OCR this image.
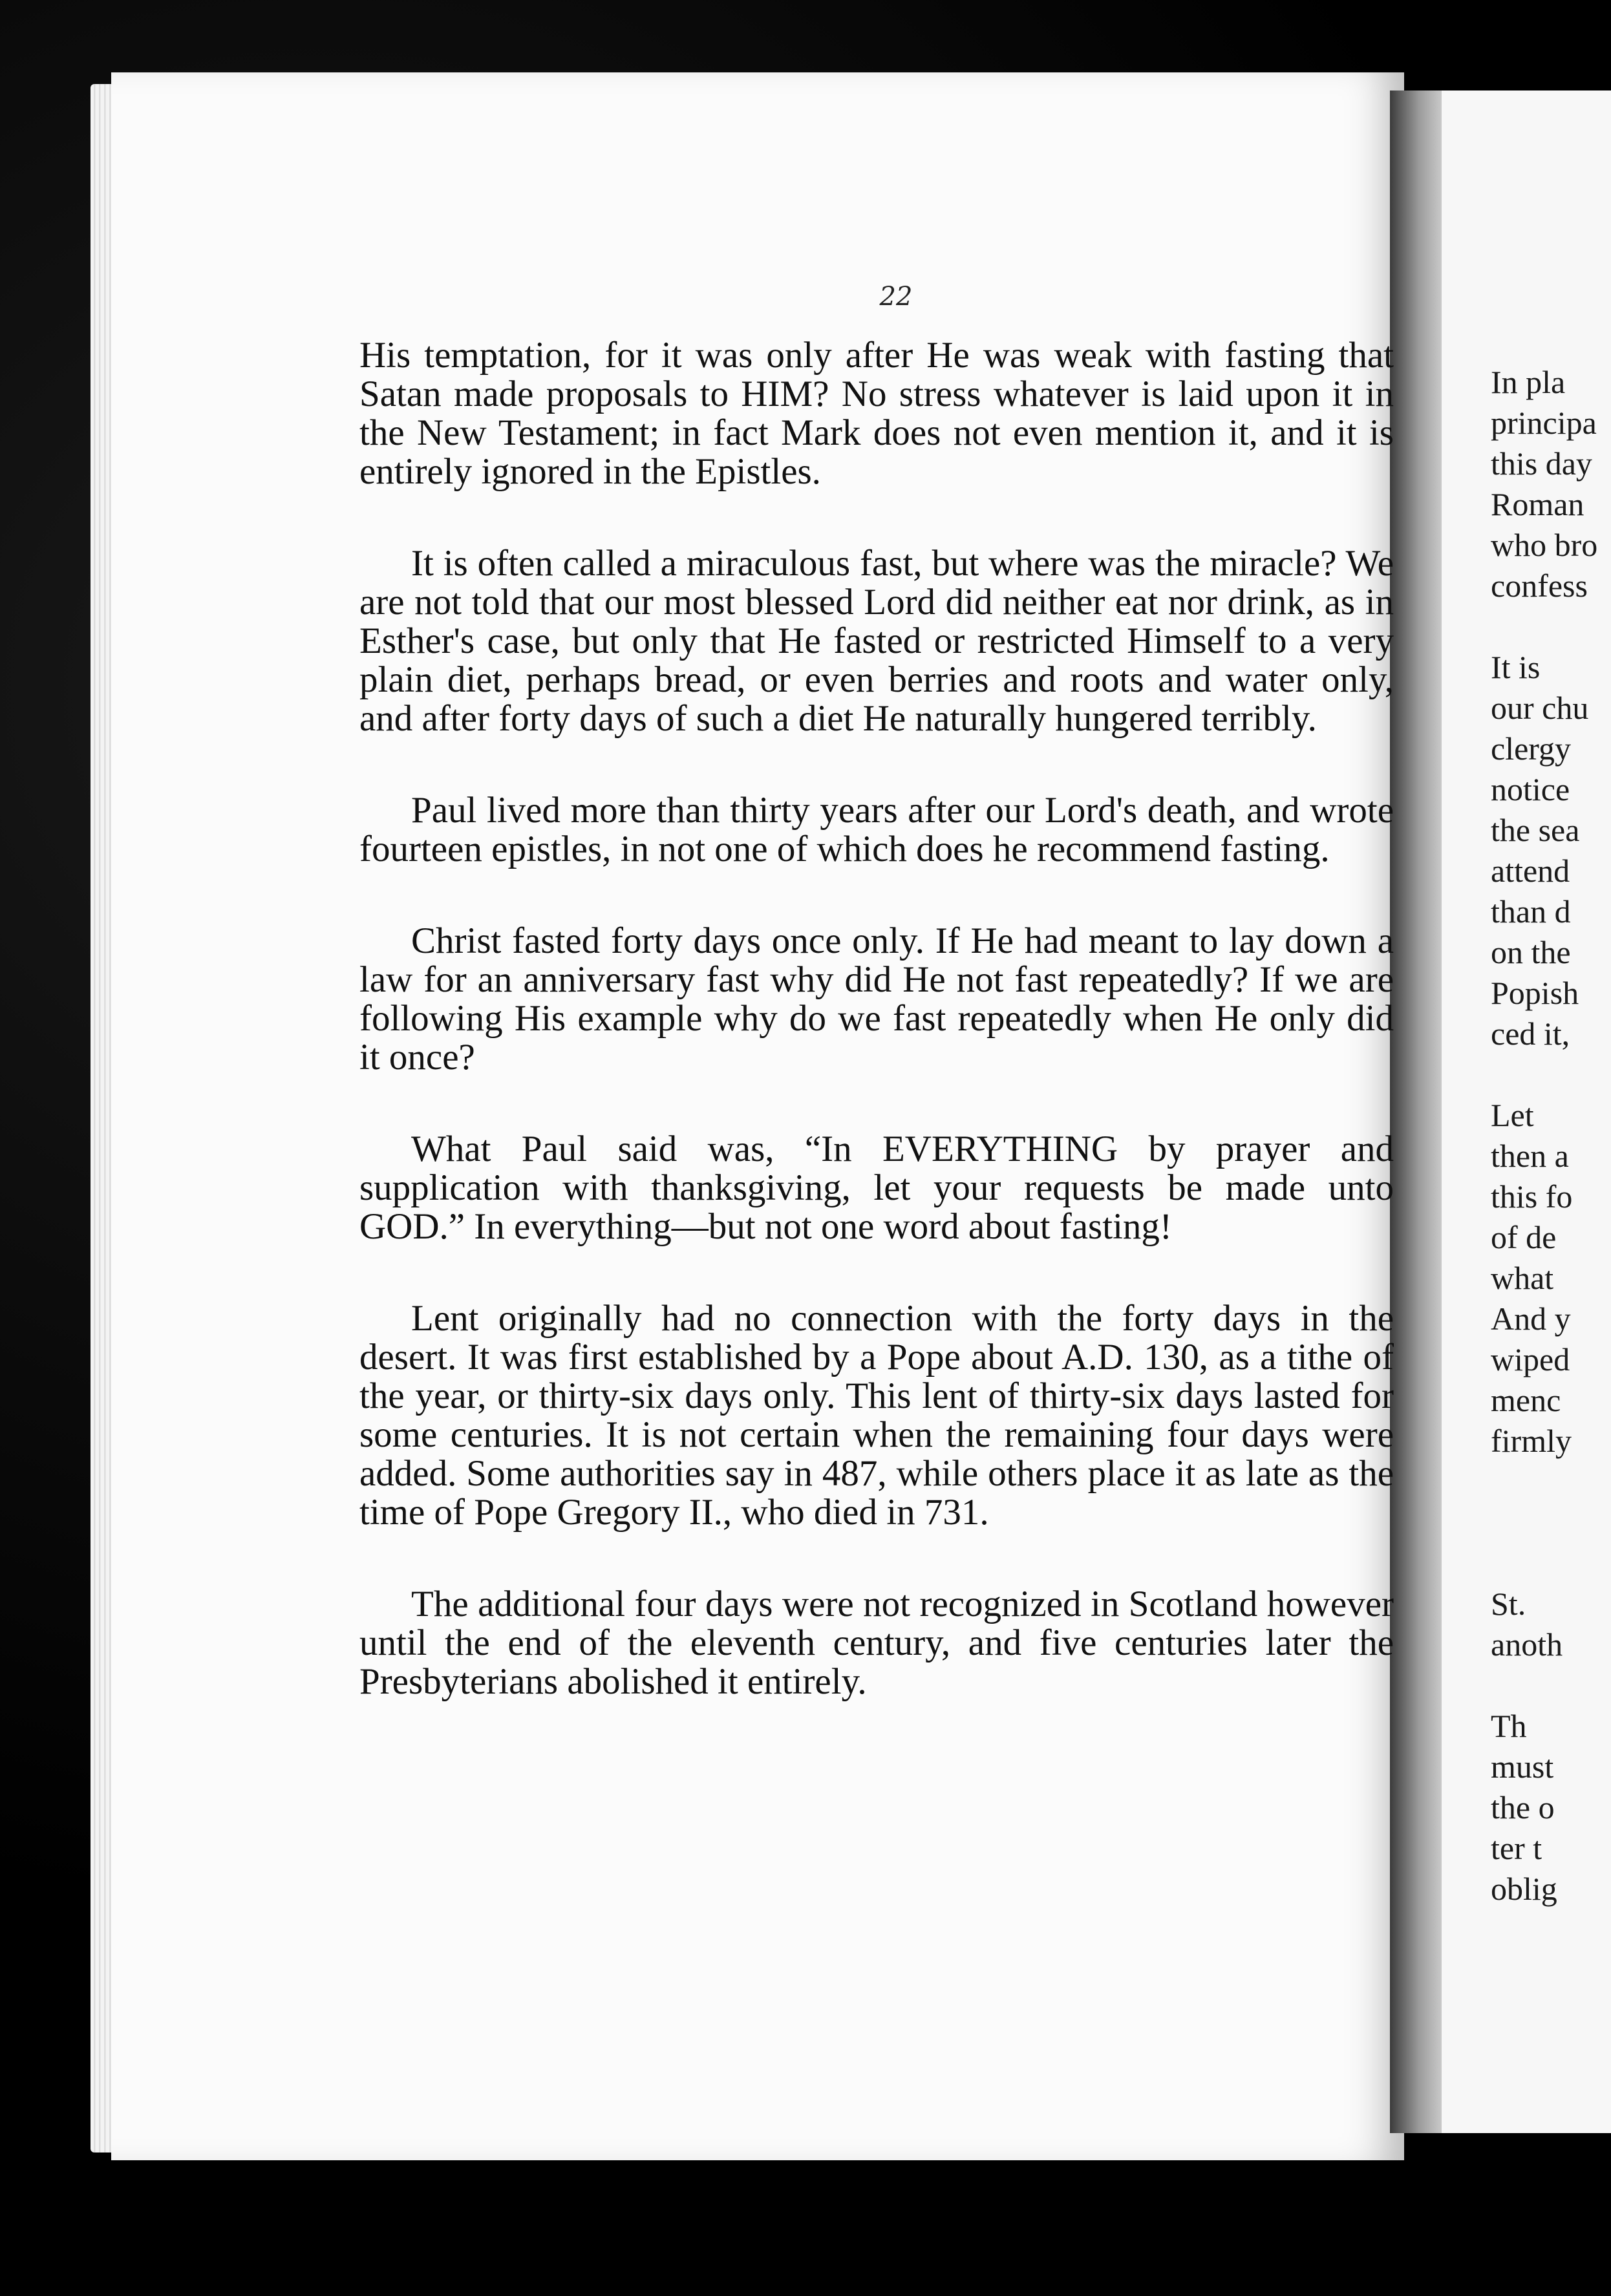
22

His temptation, for it was only after He was weak with fasting that Satan made proposals to HIM? No stress whatever is laid upon it in the New Testament; in fact Mark does not even mention it, and it is entirely ignored in the Epistles.

It is often called a miraculous fast, but where was the miracle? We are not told that our most blessed Lord did neither eat nor drink, as in Esther's case, but only that He fasted or restricted Himself to a very plain diet, perhaps bread, or even berries and roots and water only, and after forty days of such a diet He naturally hungered terribly.

Paul lived more than thirty years after our Lord's death, and wrote fourteen epistles, in not one of which does he recommend fasting.

Christ fasted forty days once only. If He had meant to lay down a law for an anniversary fast why did He not fast repeatedly? If we are following His example why do we fast repeatedly when He only did it once?

What Paul said was, “In EVERYTHING by prayer and supplication with thanksgiving, let your requests be made unto GOD.” In everything—but not one word about fasting!

Lent originally had no connection with the forty days in the desert. It was first established by a Pope about A.D. 130, as a tithe of the year, or thirty-six days only. This lent of thirty-six days lasted for some centuries. It is not certain when the remaining four days were added. Some authorities say in 487, while others place it as late as the time of Pope Gregory II., who died in 731.

The additional four days were not recognized in Scotland however until the end of the eleventh century, and five centuries later the Presbyterians abolished it entirely.

In pla
principa
this day
Roman
who bro
confess
It is
our chu
clergy
notice
the sea
attend
than d
on the
Popish
ced it,
Let
then a
this fo
of de
what
And y
wiped
menc
firmly
St.
anoth
Th
must
the o
ter t
oblig
